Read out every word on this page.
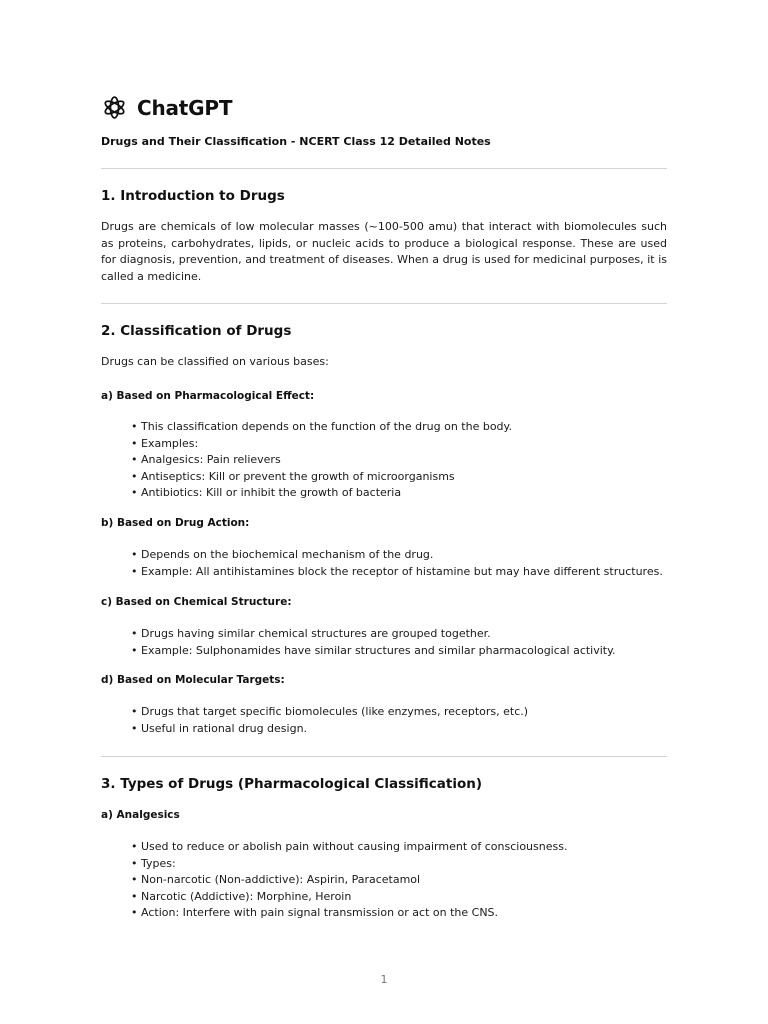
ChatGPT
Drugs and Their Classification - NCERT Class 12 Detailed Notes
1. Introduction to Drugs
Drugs are chemicals of low molecular masses (~100-500 amu) that interact with biomolecules such as proteins, carbohydrates, lipids, or nucleic acids to produce a biological response. These are used for diagnosis, prevention, and treatment of diseases. When a drug is used for medicinal purposes, it is called a medicine.
2. Classification of Drugs
Drugs can be classified on various bases:
a) Based on Pharmacological Effect:
• This classification depends on the function of the drug on the body.
• Examples:
• Analgesics: Pain relievers
• Antiseptics: Kill or prevent the growth of microorganisms
• Antibiotics: Kill or inhibit the growth of bacteria
b) Based on Drug Action:
• Depends on the biochemical mechanism of the drug.
• Example: All antihistamines block the receptor of histamine but may have different structures.
c) Based on Chemical Structure:
• Drugs having similar chemical structures are grouped together.
• Example: Sulphonamides have similar structures and similar pharmacological activity.
d) Based on Molecular Targets:
• Drugs that target specific biomolecules (like enzymes, receptors, etc.)
• Useful in rational drug design.
3. Types of Drugs (Pharmacological Classification)
a) Analgesics
• Used to reduce or abolish pain without causing impairment of consciousness.
• Types:
• Non-narcotic (Non-addictive): Aspirin, Paracetamol
• Narcotic (Addictive): Morphine, Heroin
• Action: Interfere with pain signal transmission or act on the CNS.
1
